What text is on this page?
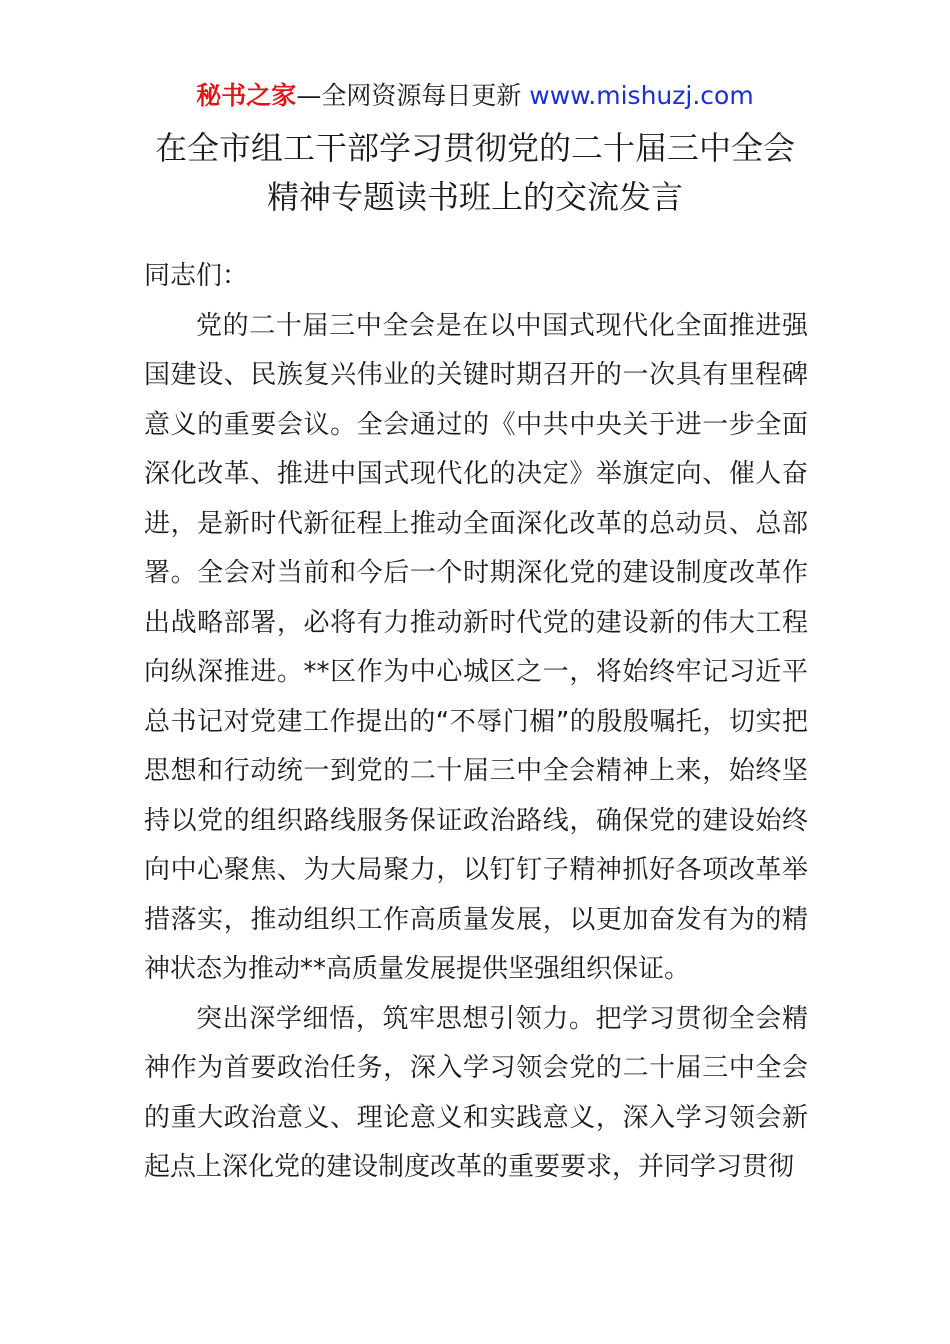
秘书之家—全网资源每日更新 www.mishuzj.com
在全市组工干部学习贯彻党的二十届三中全会
精神专题读书班上的交流发言

同志们：

党的二十届三中全会是在以中国式现代化全面推进强国建设、民族复兴伟业的关键时期召开的一次具有里程碑意义的重要会议。全会通过的《中共中央关于进一步全面深化改革、推进中国式现代化的决定》举旗定向、催人奋进，是新时代新征程上推动全面深化改革的总动员、总部署。全会对当前和今后一个时期深化党的建设制度改革作出战略部署，必将有力推动新时代党的建设新的伟大工程向纵深推进。**区作为中心城区之一，将始终牢记习近平总书记对党建工作提出的“不辱门楣”的殷殷嘱托，切实把思想和行动统一到党的二十届三中全会精神上来，始终坚持以党的组织路线服务保证政治路线，确保党的建设始终向中心聚焦、为大局聚力，以钉钉子精神抓好各项改革举措落实，推动组织工作高质量发展，以更加奋发有为的精神状态为推动**高质量发展提供坚强组织保证。

突出深学细悟，筑牢思想引领力。把学习贯彻全会精神作为首要政治任务，深入学习领会党的二十届三中全会的重大政治意义、理论意义和实践意义，深入学习领会新起点上深化党的建设制度改革的重要要求，并同学习贯彻
